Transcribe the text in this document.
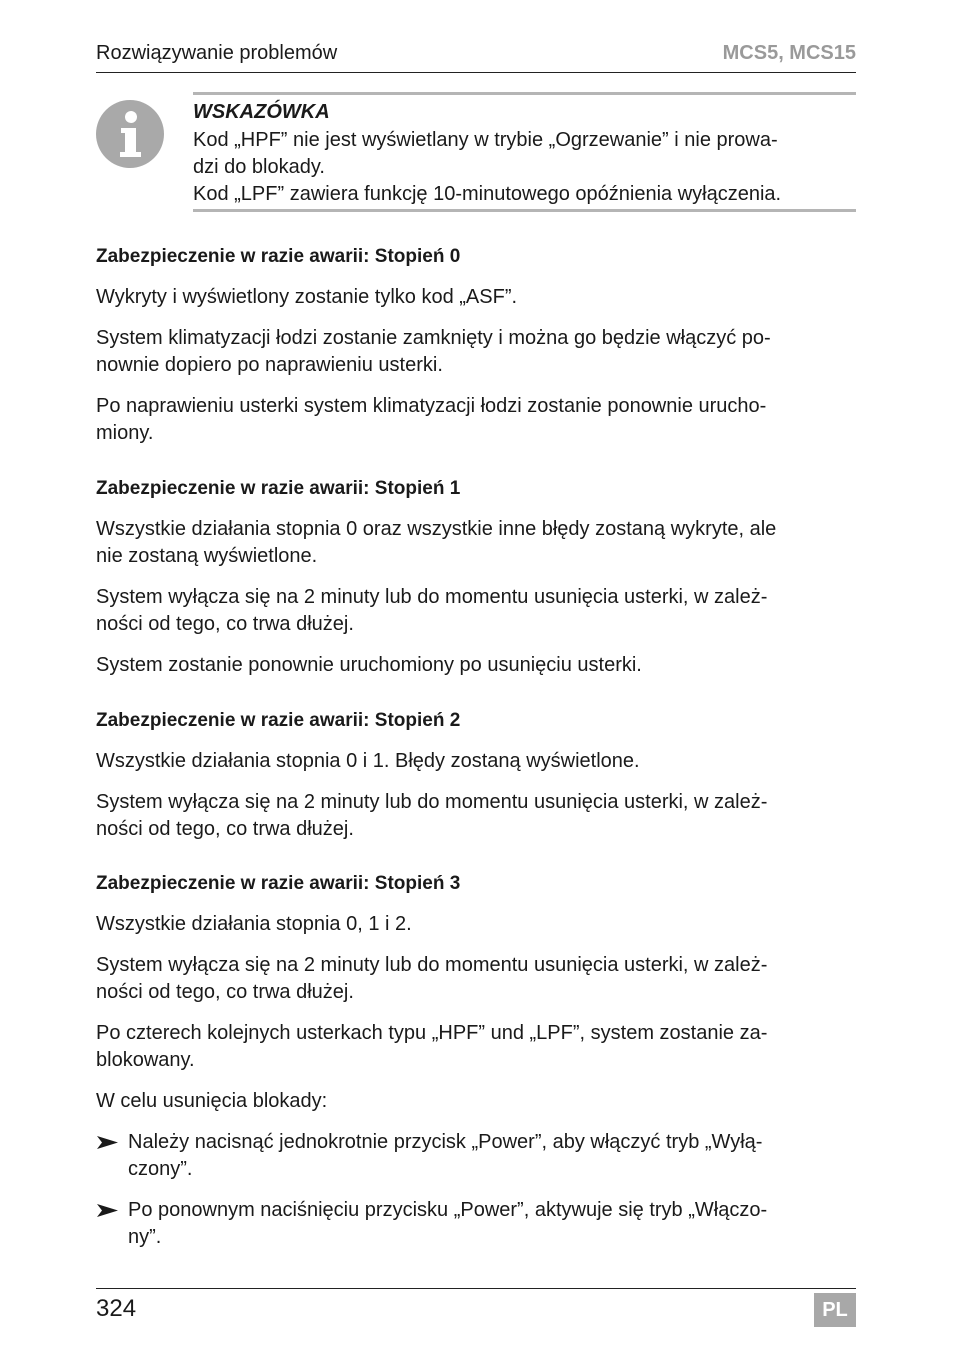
Rozwiązywanie problemów	MCS5, MCS15
WSKAZÓWKA
Kod „HPF” nie jest wyświetlany w trybie „Ogrzewanie” i nie prowa-
dzi do blokady.
Kod „LPF” zawiera funkcję 10-minutowego opóźnienia wyłączenia.
Zabezpieczenie w razie awarii: Stopień 0
Wykryty i wyświetlony zostanie tylko kod „ASF”.
System klimatyzacji łodzi zostanie zamknięty i można go będzie włączyć po-
nownie dopiero po naprawieniu usterki.
Po naprawieniu usterki system klimatyzacji łodzi zostanie ponownie urucho-
miony.
Zabezpieczenie w razie awarii: Stopień 1
Wszystkie działania stopnia 0 oraz wszystkie inne błędy zostaną wykryte, ale
nie zostaną wyświetlone.
System wyłącza się na 2 minuty lub do momentu usunięcia usterki, w zależ-
ności od tego, co trwa dłużej.
System zostanie ponownie uruchomiony po usunięciu usterki.
Zabezpieczenie w razie awarii: Stopień 2
Wszystkie działania stopnia 0 i 1. Błędy zostaną wyświetlone.
System wyłącza się na 2 minuty lub do momentu usunięcia usterki, w zależ-
ności od tego, co trwa dłużej.
Zabezpieczenie w razie awarii: Stopień 3
Wszystkie działania stopnia 0, 1 i 2.
System wyłącza się na 2 minuty lub do momentu usunięcia usterki, w zależ-
ności od tego, co trwa dłużej.
Po czterech kolejnych usterkach typu „HPF” und „LPF”, system zostanie za-
blokowany.
W celu usunięcia blokady:
Należy nacisnąć jednokrotnie przycisk „Power”, aby włączyć tryb „Wyłą-
czony”.
Po ponownym naciśnięciu przycisku „Power”, aktywuje się tryb „Włączo-
ny”.
324	PL
